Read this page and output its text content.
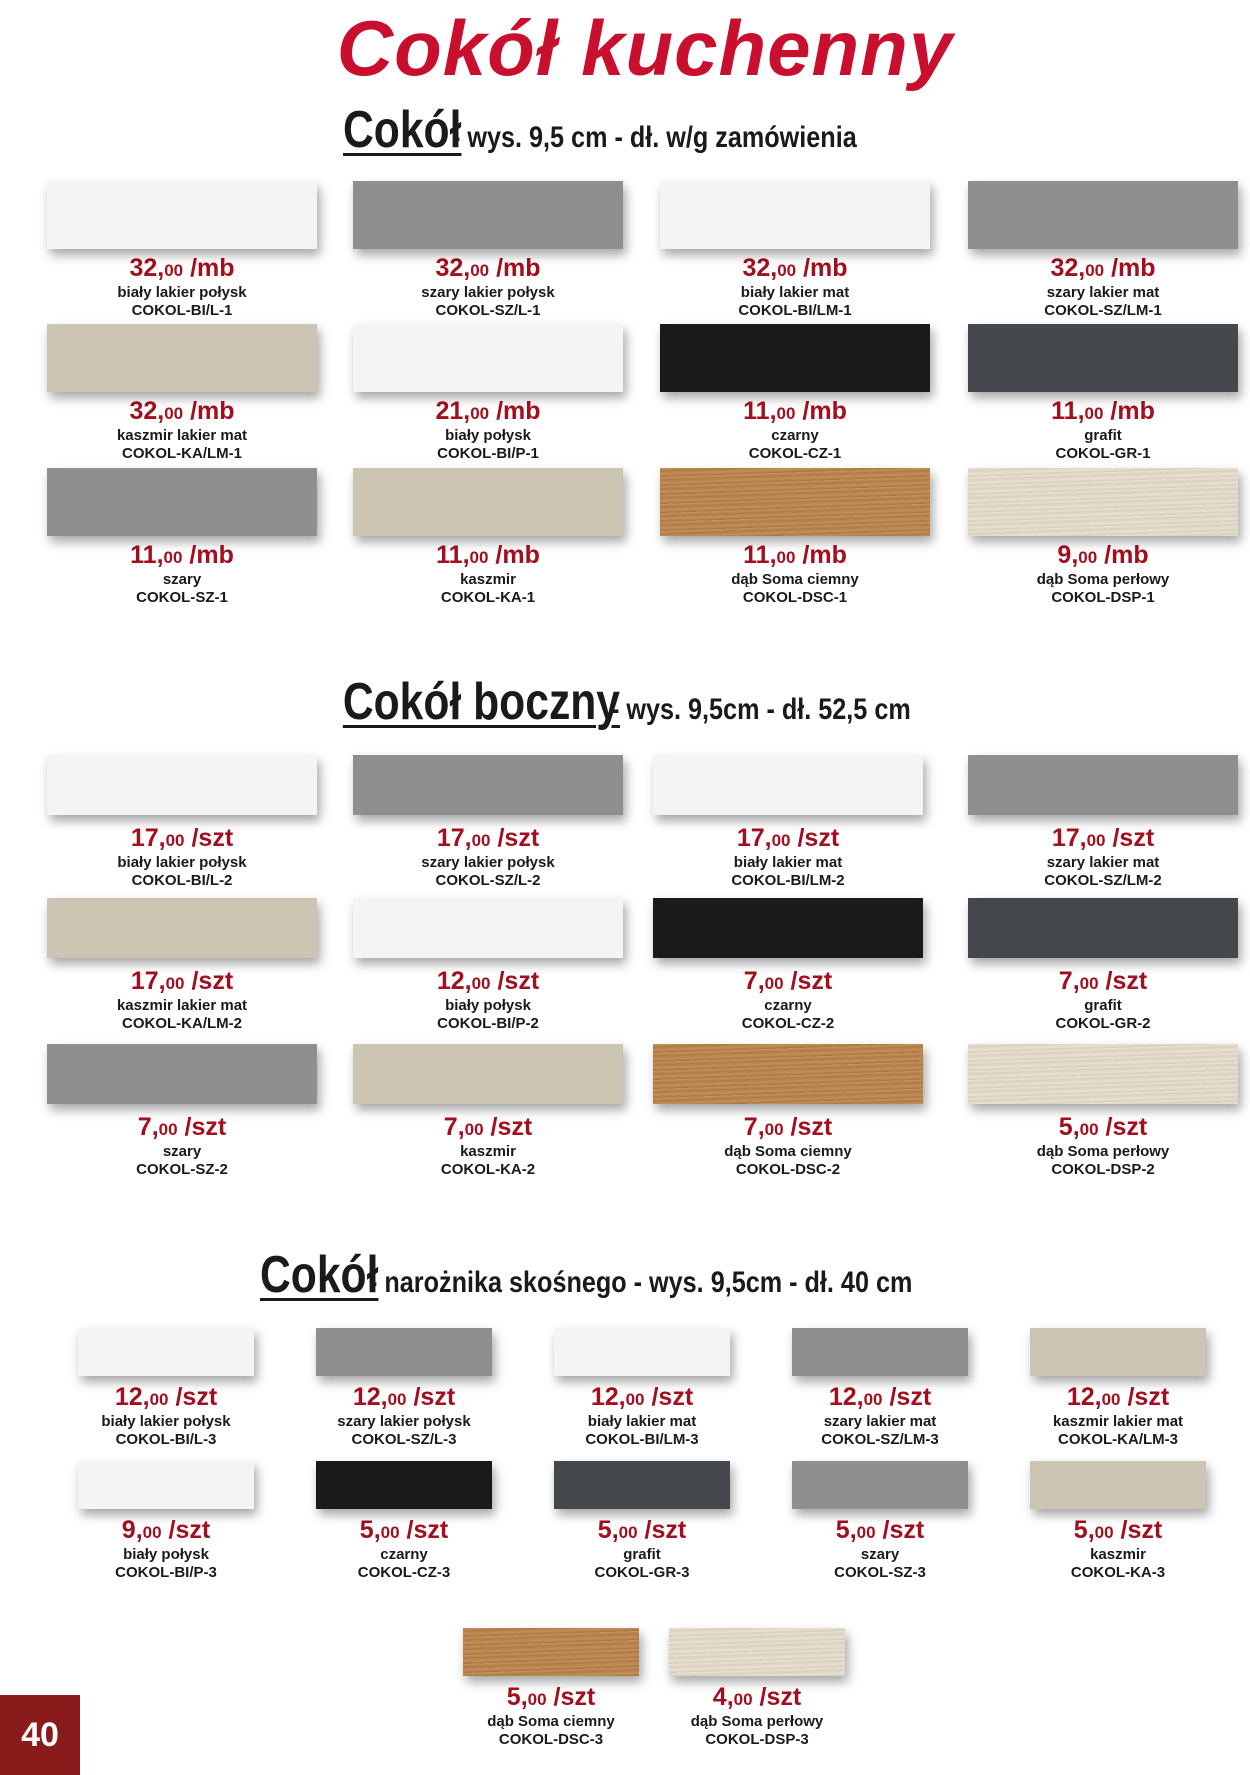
Cokół kuchenny
Cokół - wys. 9,5 cm - dł. w/g zamówienia
Cokół boczny - wys. 9,5cm - dł. 52,5 cm
Cokół - narożnika skośnego - wys. 9,5cm - dł. 40 cm
32,00 /mb
biały lakier połysk
COKOL-BI/L-1
32,00 /mb
szary lakier połysk
COKOL-SZ/L-1
32,00 /mb
biały lakier mat
COKOL-BI/LM-1
32,00 /mb
szary lakier mat
COKOL-SZ/LM-1
32,00 /mb
kaszmir lakier mat
COKOL-KA/LM-1
21,00 /mb
biały połysk
COKOL-BI/P-1
11,00 /mb
czarny
COKOL-CZ-1
11,00 /mb
grafit
COKOL-GR-1
11,00 /mb
szary
COKOL-SZ-1
11,00 /mb
kaszmir
COKOL-KA-1
11,00 /mb
dąb Soma ciemny
COKOL-DSC-1
9,00 /mb
dąb Soma perłowy
COKOL-DSP-1
17,00 /szt
biały lakier połysk
COKOL-BI/L-2
17,00 /szt
szary lakier połysk
COKOL-SZ/L-2
17,00 /szt
biały lakier mat
COKOL-BI/LM-2
17,00 /szt
szary lakier mat
COKOL-SZ/LM-2
17,00 /szt
kaszmir lakier mat
COKOL-KA/LM-2
12,00 /szt
biały połysk
COKOL-BI/P-2
7,00 /szt
czarny
COKOL-CZ-2
7,00 /szt
grafit
COKOL-GR-2
7,00 /szt
szary
COKOL-SZ-2
7,00 /szt
kaszmir
COKOL-KA-2
7,00 /szt
dąb Soma ciemny
COKOL-DSC-2
5,00 /szt
dąb Soma perłowy
COKOL-DSP-2
12,00 /szt
biały lakier połysk
COKOL-BI/L-3
12,00 /szt
szary lakier połysk
COKOL-SZ/L-3
12,00 /szt
biały lakier mat
COKOL-BI/LM-3
12,00 /szt
szary lakier mat
COKOL-SZ/LM-3
12,00 /szt
kaszmir lakier mat
COKOL-KA/LM-3
9,00 /szt
biały połysk
COKOL-BI/P-3
5,00 /szt
czarny
COKOL-CZ-3
5,00 /szt
grafit
COKOL-GR-3
5,00 /szt
szary
COKOL-SZ-3
5,00 /szt
kaszmir
COKOL-KA-3
5,00 /szt
dąb Soma ciemny
COKOL-DSC-3
4,00 /szt
dąb Soma perłowy
COKOL-DSP-3
40
